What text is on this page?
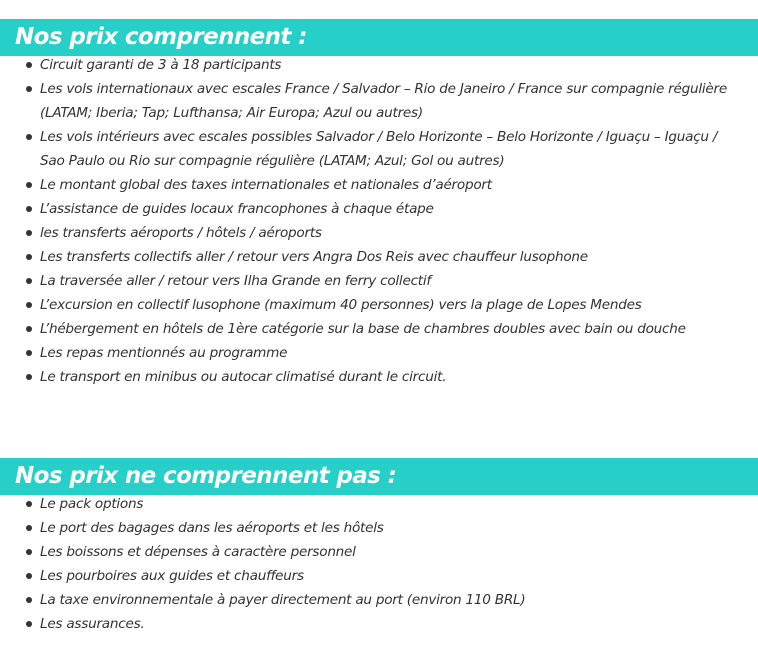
Nos prix comprennent :
Circuit garanti de 3 à 18 participants
Les vols internationaux avec escales France / Salvador – Rio de Janeiro / France sur compagnie régulière (LATAM; Iberia; Tap; Lufthansa; Air Europa; Azul ou autres)
Les vols intérieurs avec escales possibles Salvador / Belo Horizonte – Belo Horizonte / Iguaçu – Iguaçu / Sao Paulo ou Rio sur compagnie régulière (LATAM; Azul; Gol ou autres)
Le montant global des taxes internationales et nationales d’aéroport
L’assistance de guides locaux francophones à chaque étape
les transferts aéroports / hôtels / aéroports
Les transferts collectifs aller / retour vers Angra Dos Reis avec chauffeur lusophone
La traversée aller / retour vers Ilha Grande en ferry collectif
L’excursion en collectif lusophone (maximum 40 personnes) vers la plage de Lopes Mendes
L’hébergement en hôtels de 1ère catégorie sur la base de chambres doubles avec bain ou douche
Les repas mentionnés au programme
Le transport en minibus ou autocar climatisé durant le circuit.
Nos prix ne comprennent pas :
Le pack options
Le port des bagages dans les aéroports et les hôtels
Les boissons et dépenses à caractère personnel
Les pourboires aux guides et chauffeurs
La taxe environnementale à payer directement au port (environ 110 BRL)
Les assurances.
